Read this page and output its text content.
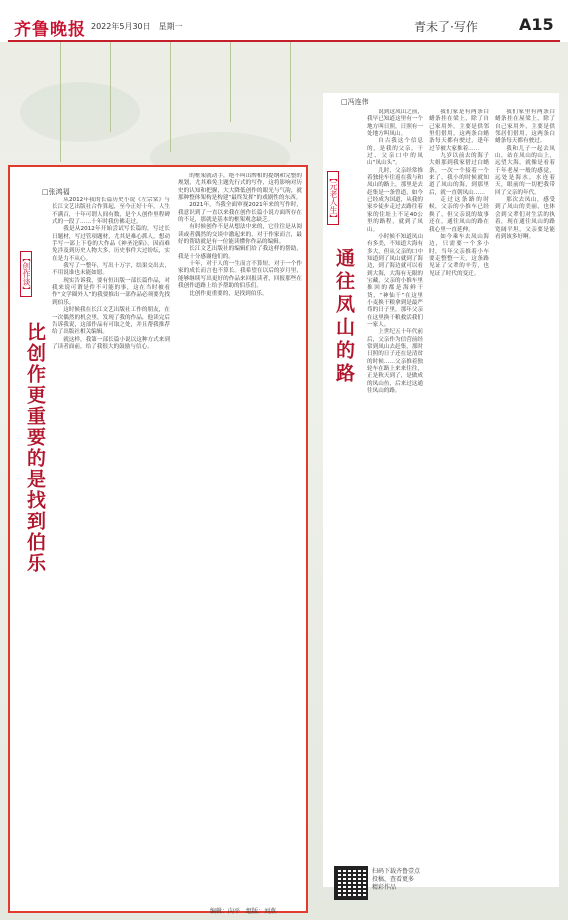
齐鲁晚报 2022年5月30日　星期一	青未了·写作	A15
□冯连伟
【元老人生】
通往凤山的路

说到这凤山之前，我早已知道这里有一个地方叫日照，日照有一处地方叫凤山。

自古我这个信息的，是我的父亲，干过、父亲口中的凤山“凤山头”。

儿时，父亲经常推着独轮车往返在我与和凤山的路上，那里是去赶集是一条曾道，如今已经成为国道，从我的家乡徒步走过去路往着家的住址上不足40公里的路程，就到了凤山。

小时候不知道凤山有多美，不知道大海有多大，但从父亲的口中知道到了凤山就到了海边，到了海边就可以看到大海，大海有无限的宝藏，父亲的小推车里推回的都是海鲜干货，“神仙干”在这里小麦换干粮拿到是最严苟的日子里，那年父亲在这里换干粮救活我们一家人。

上世纪五十年代前后，父亲作为信营前经常到凤山去赶集，那时日照的日子还在是清贫的时候……父亲推着独轮车在路上来来往往，正是秋天到了，是做成的凤山鱼，后来过这通往凤山的路。

我们家是有两条白蜡条挂在梁上，除了自己家用外，主要是供邻里们借用，这两条白蜡条每天都有驶过，逢年过节被大家推着……

九岁以前去的海子大姐那到我家借过白蜡条，一次一个接着一个来了，我小的时候就知道了凤山的海，到那里后，就一直朝凤山……

走过这条路的时候，父亲的小推车已经换了，但父亲说的故事还在，通往凤山的路在我心里一直延伸。

如今乘车去凤山海边，只需要一个多小时，当年父亲推着小车要走整整一天，这条路见证了父辈的辛劳，也见证了时代的变迁。

我们家里有两条白蜡条挂在屋梁上，除了自己家用外，主要是供邻居们借用，这两条白蜡条每天都有驶过。

我和儿子一起去凤山，站在凤山的山上，远望大海，就像是看着千年老屋一般的感觉，远处是海水，水连着天，眼前的一切把我带回了父亲的年代。

那次去凤山，感受到了凤山的美丽，也体会到父辈们对生活的执着，现在通往凤山的路宽阔平坦，父亲要是能看到该多好啊。

□张鸿福
【创作谈】
比创作更重要的是找到伯乐

从2012年我的长篇历史小说《左宗棠》与长江文艺出版社合作算起，至今正好十年，人生不满百，十年可谓人间有数，是个人创作里程碑式的一段了……十年时我仿佛走过。

我是从2012年开始尝试写长篇的，写过长日题材，写过管项题材，尤其是难心抓人，想动手写一部上下卷的大作品《神圣沦陷》，因而难免涉及到历史人物大多，历史事件大过纷纭，实在是力不从心。

我写了一整年，写出十万字，结果交出去，不用说谁也未能如愿。

现实告诉我，要有恒出版一部长篇作品，对我来说可谓是件不可能的事，这在当时被看作“文学圈外人”的我要推出一部作品必须要先找到伯乐。

这时候我在长江文艺出版社工作的朋友，在一次偶然的机会里，发现了我的作品，他读完后告诉我说，这部作品有可取之处，并且帮我推荐给了出版社相关编辑。

就这样，我第一部长篇小说以这种方式来到了读者面前，给了我很大的鼓励与信心。

的框架就动手，绝不叫出牌相的提纲和完整的规划，尤其难免主题先行式的写作，这将影响对历史的认知和把握，大大降低创作的眼光与气韵，就那种整体架构是构建“最终发挥”的戏剧性的东西。

2021年，当我全面审视2021年来的写作时，我意识到了一直以来我在创作长篇小说方面所存在的不足，那就是基本的框架观念缺乏。

有时候创作不是从想法中来的，它往往是从阅读或者偶然的交谈中激起来的，对于作家而言，最好的帮助就是有一位能读懂你作品的编辑。

长江文艺出版社的编辑们给了我这样的帮助，我是十分感谢他们的。

十年，对于人的一生而言不算短，对于一个作家的成长而言也不算长。我希望在以后的岁月里，能够继续写出更好的作品来回报读者，回报那些在我创作道路上给予帮助的伯乐们。

比创作更重要的，是找到伯乐。

扫码下载齐鲁壹点
投稿，查看更多
精彩作品
编辑：向平　组版：刘燕
